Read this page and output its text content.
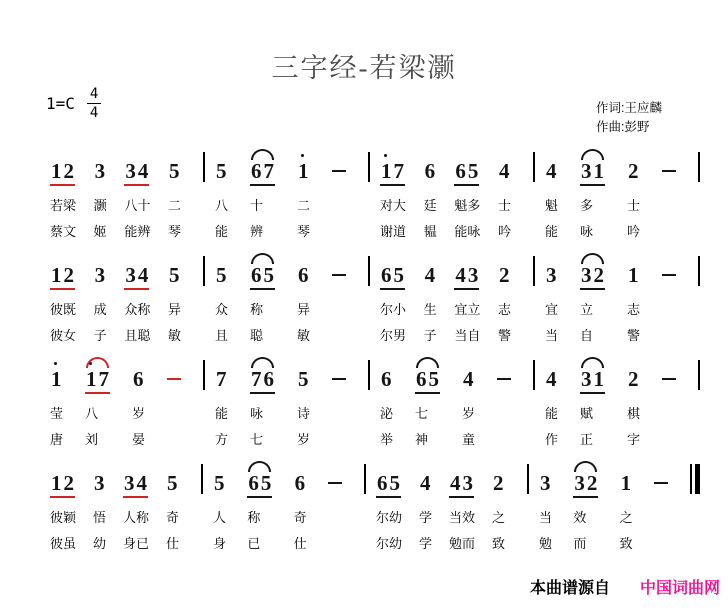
三字经-若梁灏
$1=C \frac{4}{4}$	作词:王应麟
作曲:彭野
1 2
若梁
蔡文
3
灏
姬
3 4
八十
能辨
5
二
琴
5
八
能
6 7
十
辨
1
二
琴
1 7
对大
谢道
6
廷
韫
6 5
魁多
能咏
4
士
吟
4
魁
能
3 1
多
咏
2
士
吟
1 2
彼既
彼女
3
成
子
3 4
众称
且聪
5
异
敏
5
众
且
6 5
称
聪
6
异
敏
6 5
尔小
尔男
4
生
子
4 3
宜立
当自
2
志
警
3
宜
当
3 2
立
自
1
志
警
1
莹
唐
1 7
八
刘
6
岁
晏
7
能
方
7 6
咏
七
5
诗
岁
6
泌
举
6 5
七
神
4
岁
童
4
能
作
3 1
赋
正
2
棋
字
1 2
彼颖
彼虽
3
悟
幼
3 4
人称
身已
5
奇
仕
5
人
身
6 5
称
已
6
奇
仕
6 5
尔幼
尔幼
4
学
学
4 3
当效
勉而
2
之
致
3
当
勉
3 2
效
而
1
之
致
本曲谱源自 中国词曲网
